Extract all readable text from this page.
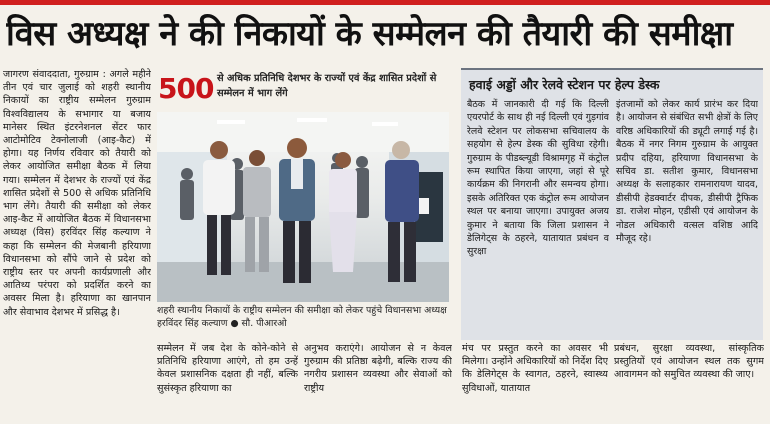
विस अध्यक्ष ने की निकायों के सम्मेलन की तैयारी की समीक्षा
जागरण संवाददाता, गुरुग्राम : अगले महीने तीन एवं चार जुलाई को शहरी स्थानीय निकायों का राष्ट्रीय सम्मेलन गुरुग्राम विश्वविद्यालय के सभागार या बजाय मानेसर स्थित इंटरनेशनल सेंटर फार आटोमोटिव टेक्नोलाजी (आइ-कैट) में होगा। यह निर्णय रविवार को तैयारी को लेकर आयोजित समीक्षा बैठक में लिया गया। सम्मेलन में देशभर के राज्यों एवं केंद्र शासित प्रदेशों से 500 से अधिक प्रतिनिधि भाग लेंगे। तैयारी की समीक्षा को लेकर आइ-कैट में आयोजित बैठक में विधानसभा अध्यक्ष (विस) हरविंदर सिंह कल्याण ने कहा कि सम्मेलन की मेजबानी हरियाणा विधानसभा को सौंपे जाने से प्रदेश को राष्ट्रीय स्तर पर अपनी कार्यप्रणाली और आतिथ्य परंपरा को प्रदर्शित करने का अवसर मिला है। हरियाणा का खानपान और सेवाभाव देशभर में प्रसिद्ध है।
500 से अधिक प्रतिनिधि देशभर के राज्यों एवं केंद्र शासित प्रदेशों से सम्मेलन में भाग लेंगे
शहरी स्थानीय निकायों के राष्ट्रीय सम्मेलन की समीक्षा को लेकर पहुंचे विधानसभा अध्यक्ष हरविंदर सिंह कल्याण ● सौ. पीआरओ
सम्मेलन में जब देश के कोने-कोने से प्रतिनिधि हरियाणा आएंगे, तो हम उन्हें केवल प्रशासनिक दक्षता ही नहीं, बल्कि सुसंस्कृत हरियाणा का
अनुभव कराएंगे। आयोजन से न केवल गुरुग्राम की प्रतिष्ठा बढ़ेगी, बल्कि राज्य की नगरीय प्रशासन व्यवस्था और सेवाओं को राष्ट्रीय
हवाई अड्डों और रेलवे स्टेशन पर हेल्प डेस्क
बैठक में जानकारी दी गई कि दिल्ली एयरपोर्ट के साथ ही नई दिल्ली एवं गुड़गांव रेलवे स्टेशन पर लोकसभा सचिवालय के सहयोग से हेल्प डेस्क की सुविधा रहेगी। गुरुग्राम के पीडब्ल्यूडी विश्रामगृह में कंट्रोल रूम स्थापित किया जाएगा, जहां से पूरे कार्यक्रम की निगरानी और समन्वय होगा। इसके अतिरिक्त एक कंट्रोल रूम आयोजन स्थल पर बनाया जाएगा। उपायुक्त अजय कुमार ने बताया कि जिला प्रशासन ने डेलिगेट्स के ठहरने, यातायात प्रबंधन व सुरक्षा
इंतजामों को लेकर कार्य प्रारंभ कर दिया है। आयोजन से संबंधित सभी क्षेत्रों के लिए वरिष्ठ अधिकारियों की ड्यूटी लगाई गई है। बैठक में नगर निगम गुरुग्राम के आयुक्त प्रदीप दहिया, हरियाणा विधानसभा के सचिव डा. सतीश कुमार, विधानसभा अध्यक्ष के सलाहकार रामनारायण यादव, डीसीपी हेडक्वार्टर दीपक, डीसीपी ट्रैफिक डा. राजेश मोहन, एडीसी एवं आयोजन के नोडल अधिकारी वत्सल वशिष्ठ आदि मौजूद रहे।
मंच पर प्रस्तुत करने का अवसर भी मिलेगा। उन्होंने अधिकारियों को निर्देश दिए कि डेलिगेट्स के स्वागत, ठहरने, स्वास्थ्य सुविधाओं, यातायात
प्रबंधन, सुरक्षा व्यवस्था, सांस्कृतिक प्रस्तुतियों एवं आयोजन स्थल तक सुगम आवागमन को समुचित व्यवस्था की जाए।
